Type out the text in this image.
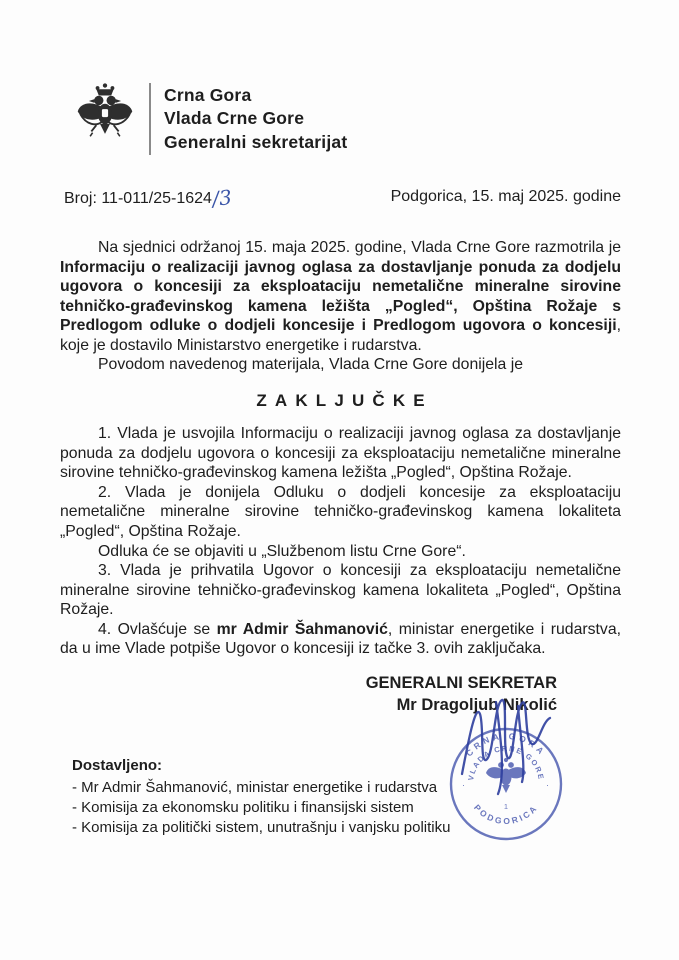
Crna Gora
Vlada Crne Gore
Generalni sekretarijat
Broj: 11-011/25-1624/3	Podgorica, 15. maj 2025. godine

Na sjednici održanoj 15. maja 2025. godine, Vlada Crne Gore razmotrila je Informaciju o realizaciji javnog oglasa za dostavljanje ponuda za dodjelu ugovora o koncesiji za eksploataciju nemetalične mineralne sirovine tehničko-građevinskog kamena ležišta „Pogled“, Opština Rožaje s Predlogom odluke o dodjeli koncesije i Predlogom ugovora o koncesiji, koje je dostavilo Ministarstvo energetike i rudarstva.

Povodom navedenog materijala, Vlada Crne Gore donijela je

ZAKLJUČKE

1. Vlada je usvojila Informaciju o realizaciji javnog oglasa za dostavljanje ponuda za dodjelu ugovora o koncesiji za eksploataciju nemetalične mineralne sirovine tehničko-građevinskog kamena ležišta „Pogled“, Opština Rožaje.

2. Vlada je donijela Odluku o dodjeli koncesije za eksploataciju nemetalične mineralne sirovine tehničko-građevinskog kamena lokaliteta „Pogled“, Opština Rožaje.

Odluka će se objaviti u „Službenom listu Crne Gore“.

3. Vlada je prihvatila Ugovor o koncesiji za eksploataciju nemetalične mineralne sirovine tehničko-građevinskog kamena lokaliteta „Pogled“, Opština Rožaje.

4. Ovlašćuje se mr Admir Šahmanović, ministar energetike i rudarstva, da u ime Vlade potpiše Ugovor o koncesiji iz tačke 3. ovih zaključaka.

GENERALNI SEKRETAR
Mr Dragoljub Nikolić
Dostavljeno:
- Mr Admir Šahmanović, ministar energetike i rudarstva
- Komisija za ekonomsku politiku i finansijski sistem
- Komisija za politički sistem, unutrašnju i vanjsku politiku
CRNA GORA
VLADA CRNE GORE
PODGORICA
·	·
1
